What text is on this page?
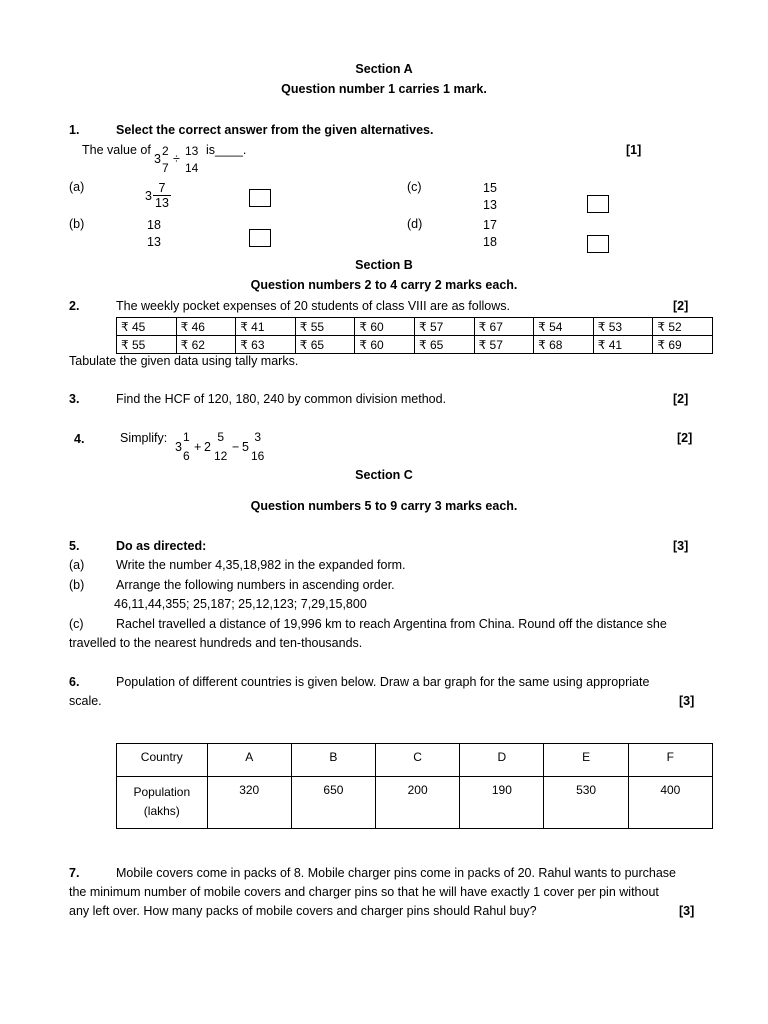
Section A
Question number 1 carries 1 mark.
1.	Select the correct answer from the given alternatives.
The value of
3
2
7
÷
13
14
is____.	[1]
(a)
$3 \frac{7}{13}$
(b)	18
13
(c)	15
13
(d)	17
18
Section B
Question numbers 2 to 4 carry 2 marks each.
2.	The weekly pocket expenses of 20 students of class VIII are as follows.	[2]
₹ 45	₹ 46	₹ 41	₹ 55	₹ 60	₹ 57	₹ 67	₹ 54	₹ 53	₹ 52
₹ 55	₹ 62	₹ 63	₹ 65	₹ 60	₹ 65	₹ 57	₹ 68	₹ 41	₹ 69
Tabulate the given data using tally marks.
3.	Find the HCF of 120, 180, 240 by common division method.	[2]
4.	Simplify:
3
1
6
+ 2
5
12
− 5
3
16
[2]
Section C
Question numbers 5 to 9 carry 3 marks each.
5.	Do as directed:	[3]
(a)	Write the number 4,35,18,982 in the expanded form.
(b)	Arrange the following numbers in ascending order.
46,11,44,355; 25,187; 25,12,123; 7,29,15,800
(c)	Rachel travelled a distance of 19,996 km to reach Argentina from China. Round off the distance she
travelled to the nearest hundreds and ten-thousands.
6.	Population of different countries is given below. Draw a bar graph for the same using appropriate
scale.	[3]
Country	A	B	C	D	E	F

Population
(lakhs)	320	650	200	190	530	400
7.	Mobile covers come in packs of 8. Mobile charger pins come in packs of 20. Rahul wants to purchase
the minimum number of mobile covers and charger pins so that he will have exactly 1 cover per pin without
any left over. How many packs of mobile covers and charger pins should Rahul buy?	[3]
